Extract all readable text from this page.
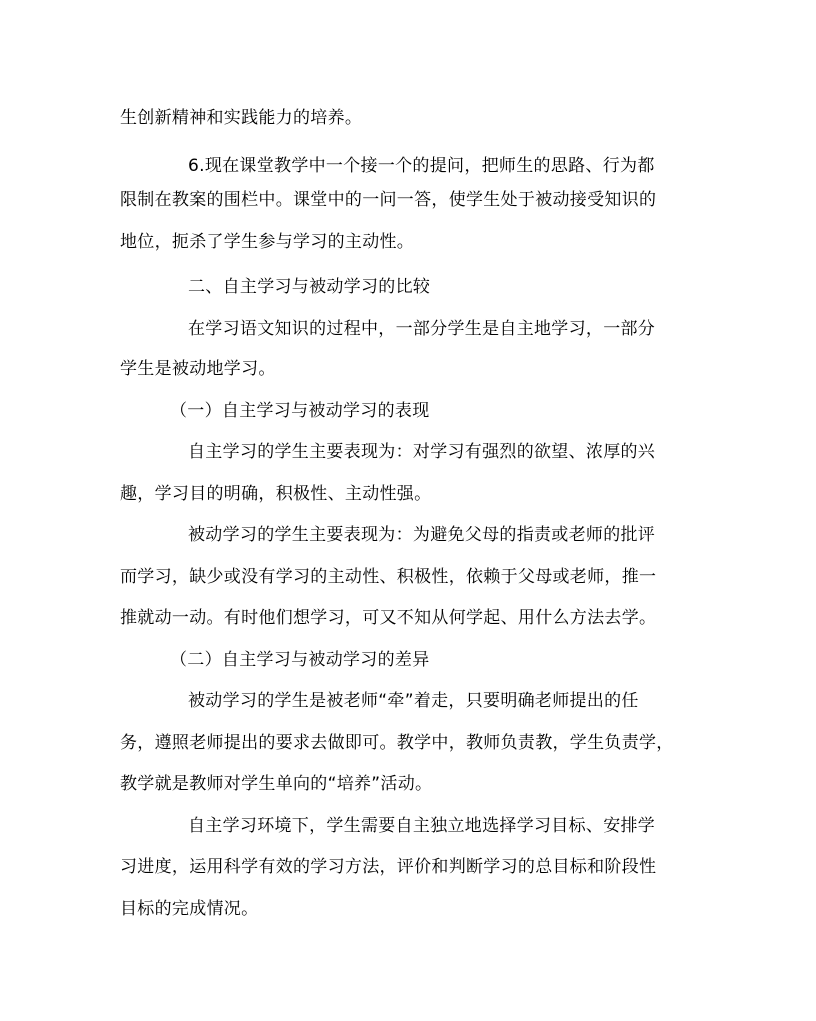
生创新精神和实践能力的培养。
6.现在课堂教学中一个接一个的提问，把师生的思路、行为都
限制在教案的围栏中。课堂中的一问一答，使学生处于被动接受知识的
地位，扼杀了学生参与学习的主动性。
二、自主学习与被动学习的比较
在学习语文知识的过程中，一部分学生是自主地学习，一部分
学生是被动地学习。
（一）自主学习与被动学习的表现
自主学习的学生主要表现为：对学习有强烈的欲望、浓厚的兴
趣，学习目的明确，积极性、主动性强。
被动学习的学生主要表现为：为避免父母的指责或老师的批评
而学习，缺少或没有学习的主动性、积极性，依赖于父母或老师，推一
推就动一动。有时他们想学习，可又不知从何学起、用什么方法去学。
（二）自主学习与被动学习的差异
被动学习的学生是被老师“牵”着走，只要明确老师提出的任
务，遵照老师提出的要求去做即可。教学中，教师负责教，学生负责学，
教学就是教师对学生单向的“培养”活动。
自主学习环境下，学生需要自主独立地选择学习目标、安排学
习进度，运用科学有效的学习方法，评价和判断学习的总目标和阶段性
目标的完成情况。
